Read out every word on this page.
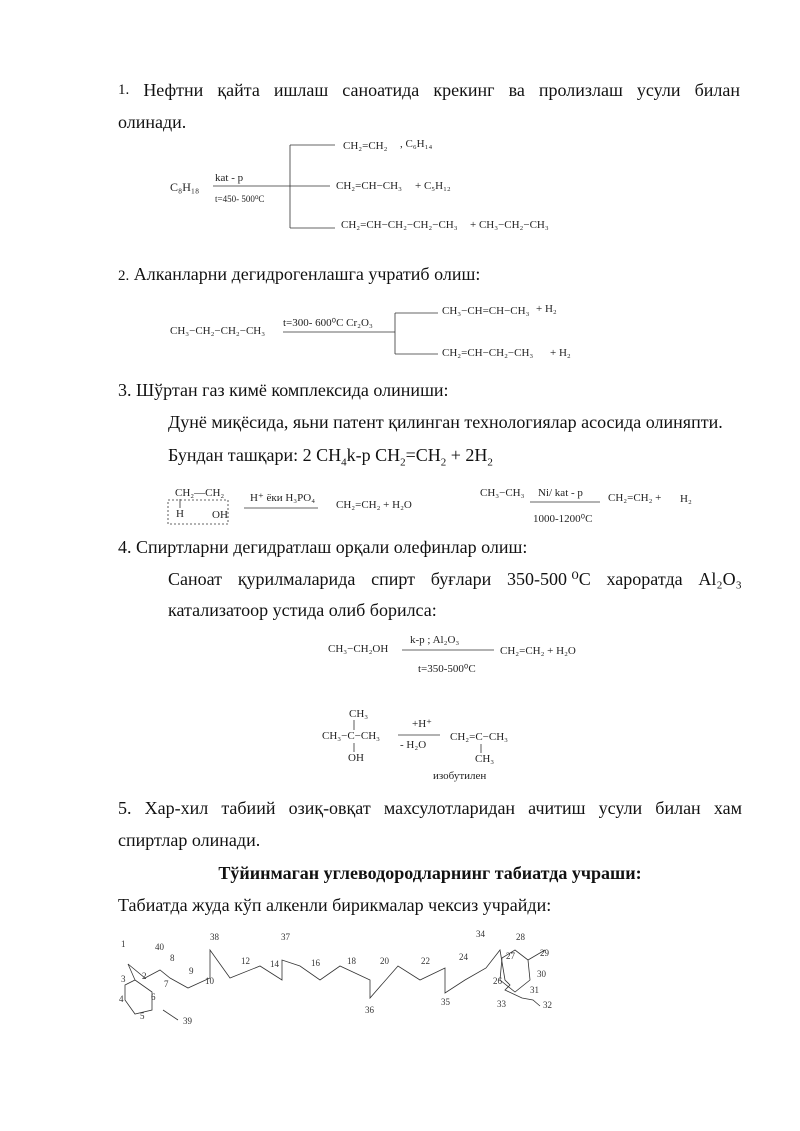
1. Нефтни қайта ишлаш саноатида крекинг ва пролизлаш усули билан
олинади.
C₈H₁₈
kat - p
t=450- 500⁰C
CH₂=CH₂ , C₆H₁₄
CH₂=CH−CH₃ + C₅H₁₂
CH₂=CH−CH₂−CH₂−CH₃ + CH₃−CH₂−CH₃
2. Алканларни дегидрогенлашга учратиб олиш:
CH₃−CH₂−CH₂−CH₃
t=300- 600⁰C Cr₂O₃
CH₃−CH=CH−CH₃ + H₂
CH₂=CH−CH₂−CH₃ + H₂
3. Шўртан газ кимё комплексида олиниши:
Дунё миқёсида, яьни патент қилинган технологиялар асосида олиняпти.
Бундан ташқари: 2 $CH_4k-p$ $CH_2=CH_2 + 2H_2$
CH₂—CH₂
H	OH
H⁺ ёки H₃PO₄
CH₂=CH₂ + H₂O
CH₃−CH₃ Ni/ kat - p
1000-1200⁰C
CH₂=CH₂ + H₂
4. Спиртларни дегидратлаш орқали олефинлар олиш:
Саноат қурилмаларида спирт буғлари 350-500 ⁰C хароратда Al₂O₃
катализатоор устида олиб борилса:
CH₃−CH₂OH
k-p ; Al₂O₃
t=350-500⁰C
CH₂=CH₂ + H₂O
CH₃
CH₃−C−CH₃
OH
+H⁺
- H₂O
CH₂=C−CH₃
CH₃
изобутилен
5. Хар-хил табиий озиқ-овқат махсулотларидан ачитиш усули билан хам
спиртлар олинади.
Тўйинмаган углеводородларнинг табиатда учраши:
Табиатда жуда кўп алкенли бирикмалар чексиз учрайди:
1	40
8
38	37	34	28
29
3 2
7
9
10
12 14	16	18	20	22	24	27
30
26
31
4	6
5	39
36
35	33	32
